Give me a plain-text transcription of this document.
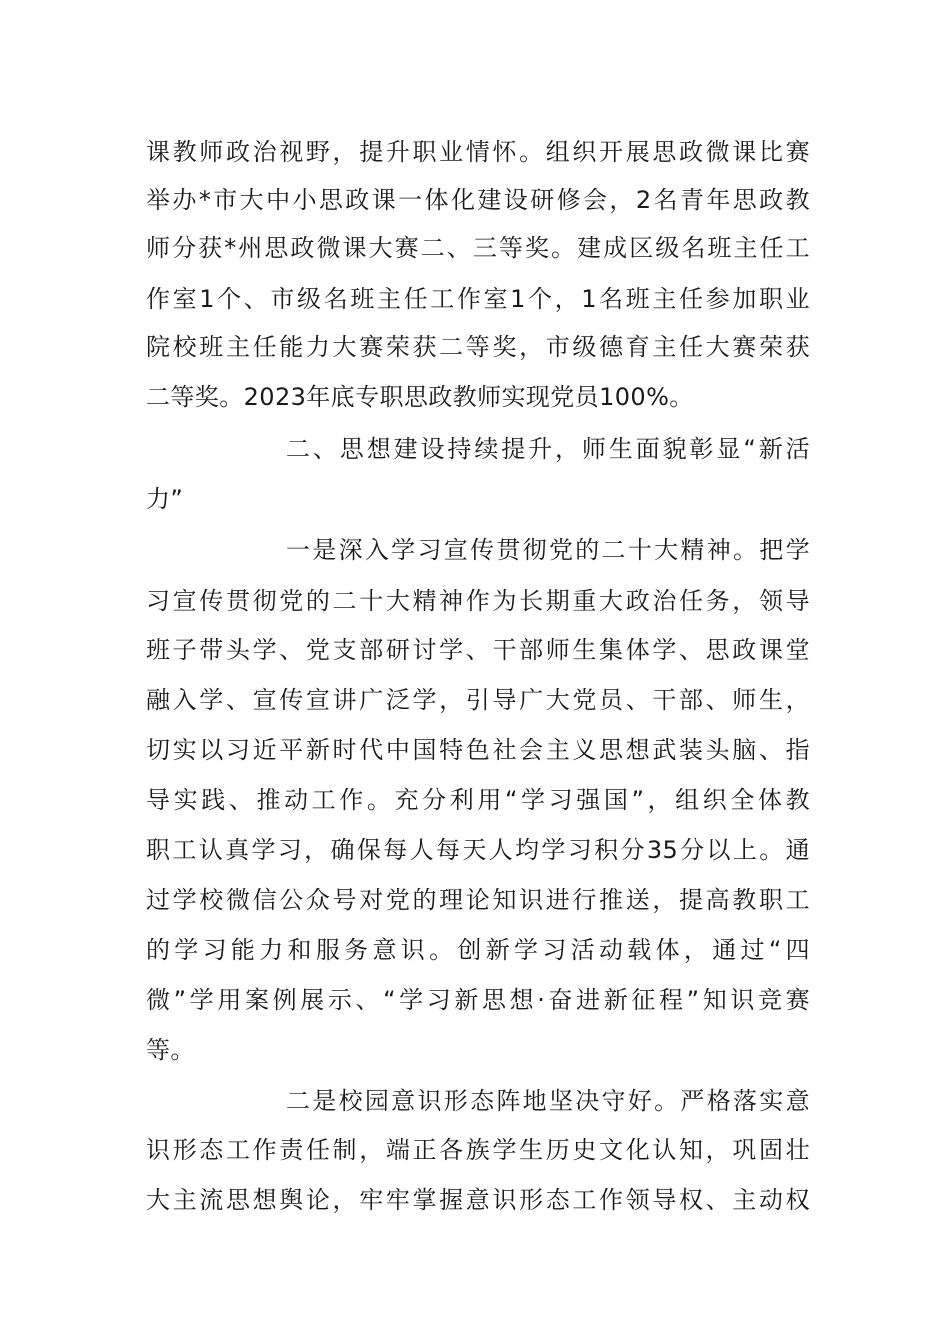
课教师政治视野，提升职业情怀。组织开展思政微课比赛
举办*市大中小思政课一体化建设研修会，2名青年思政教
师分获*州思政微课大赛二、三等奖。建成区级名班主任工
作室1个、市级名班主任工作室1个，1名班主任参加职业
院校班主任能力大赛荣获二等奖，市级德育主任大赛荣获
二等奖。2023年底专职思政教师实现党员100%。
二、思想建设持续提升，师生面貌彰显“新活
力”
一是深入学习宣传贯彻党的二十大精神。把学
习宣传贯彻党的二十大精神作为长期重大政治任务，领导
班子带头学、党支部研讨学、干部师生集体学、思政课堂
融入学、宣传宣讲广泛学，引导广大党员、干部、师生，
切实以习近平新时代中国特色社会主义思想武装头脑、指
导实践、推动工作。充分利用“学习强国”，组织全体教
职工认真学习，确保每人每天人均学习积分35分以上。通
过学校微信公众号对党的理论知识进行推送，提高教职工
的学习能力和服务意识。创新学习活动载体，通过“四
微”学用案例展示、“学习新思想·奋进新征程”知识竞赛
等。
二是校园意识形态阵地坚决守好。严格落实意
识形态工作责任制，端正各族学生历史文化认知，巩固壮
大主流思想舆论，牢牢掌握意识形态工作领导权、主动权
